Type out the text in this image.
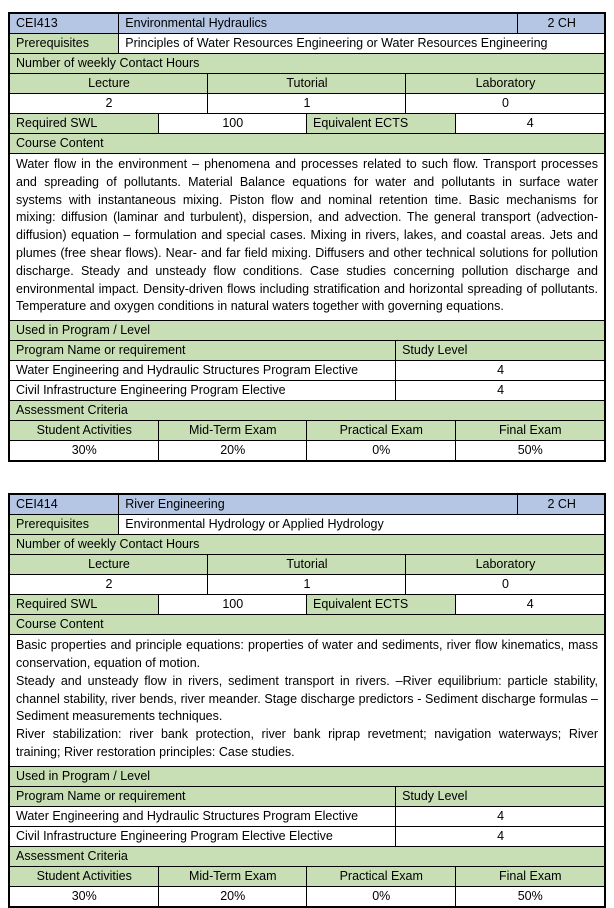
CEI413	Environmental Hydraulics	2 CH
Prerequisites	Principles of Water Resources Engineering or Water Resources Engineering
Number of weekly Contact Hours
Lecture	Tutorial	Laboratory
2	1	0
Required SWL	100	Equivalent ECTS	4
Course Content

Water flow in the environment – phenomena and processes related to such flow. Transport processes and spreading of pollutants. Material Balance equations for water and pollutants in surface water systems with instantaneous mixing. Piston flow and nominal retention time. Basic mechanisms for mixing: diffusion (laminar and turbulent), dispersion, and advection. The general transport (advection-diffusion) equation – formulation and special cases. Mixing in rivers, lakes, and coastal areas. Jets and plumes (free shear flows). Near- and far field mixing. Diffusers and other technical solutions for pollution discharge. Steady and unsteady flow conditions. Case studies concerning pollution discharge and environmental impact. Density-driven flows including stratification and horizontal spreading of pollutants. Temperature and oxygen conditions in natural waters together with governing equations.

Used in Program / Level
Program Name or requirement	Study Level
Water Engineering and Hydraulic Structures Program Elective	4
Civil Infrastructure Engineering Program Elective	4
Assessment Criteria
Student Activities	Mid-Term Exam	Practical Exam	Final Exam
30%	20%	0%	50%
CEI414	River Engineering	2 CH
Prerequisites	Environmental Hydrology or Applied Hydrology
Number of weekly Contact Hours
Lecture	Tutorial	Laboratory
2	1	0
Required SWL	100	Equivalent ECTS	4
Course Content

Basic properties and principle equations: properties of water and sediments, river flow kinematics, mass conservation, equation of motion.

Steady and unsteady flow in rivers, sediment transport in rivers. –River equilibrium: particle stability, channel stability, river bends, river meander. Stage discharge predictors - Sediment discharge formulas – Sediment measurements techniques.

River stabilization: river bank protection, river bank riprap revetment; navigation waterways; River training; River restoration principles: Case studies.

Used in Program / Level
Program Name or requirement	Study Level
Water Engineering and Hydraulic Structures Program Elective	4
Civil Infrastructure Engineering Program Elective Elective	4
Assessment Criteria
Student Activities	Mid-Term Exam	Practical Exam	Final Exam
30%	20%	0%	50%
